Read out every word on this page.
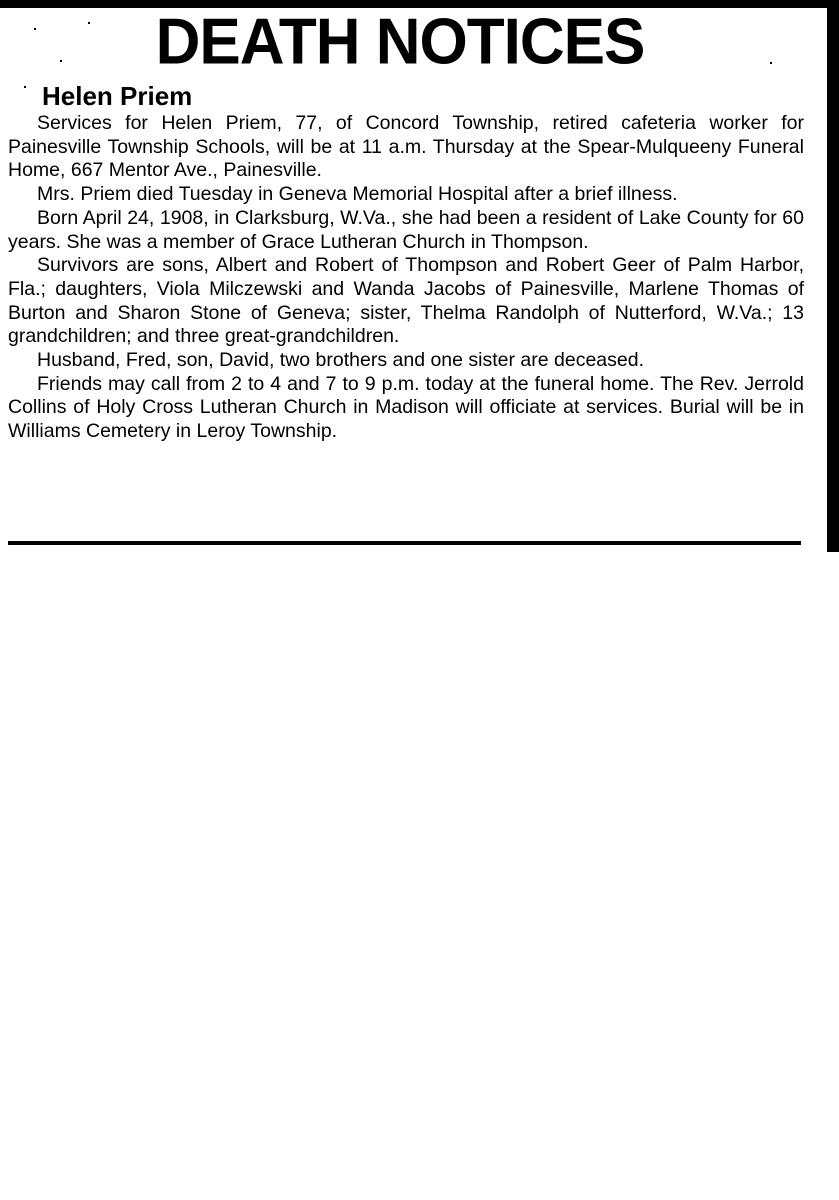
DEATH NOTICES
Helen Priem

Services for Helen Priem, 77, of Concord Township, retired cafeteria worker for Painesville Township Schools, will be at 11 a.m. Thursday at the Spear-Mulqueeny Funeral Home, 667 Mentor Ave., Painesville.

Mrs. Priem died Tuesday in Geneva Memorial Hospital after a brief illness.

Born April 24, 1908, in Clarksburg, W.Va., she had been a resident of Lake County for 60 years. She was a member of Grace Lutheran Church in Thompson.

Survivors are sons, Albert and Robert of Thompson and Robert Geer of Palm Harbor, Fla.; daughters, Viola Milczewski and Wanda Jacobs of Painesville, Marlene Thomas of Burton and Sharon Stone of Geneva; sister, Thelma Randolph of Nutterford, W.Va.; 13 grandchildren; and three great-grandchildren.

Husband, Fred, son, David, two brothers and one sister are deceased.

Friends may call from 2 to 4 and 7 to 9 p.m. today at the funeral home. The Rev. Jerrold Collins of Holy Cross Lutheran Church in Madison will officiate at services. Burial will be in Williams Cemetery in Leroy Township.
